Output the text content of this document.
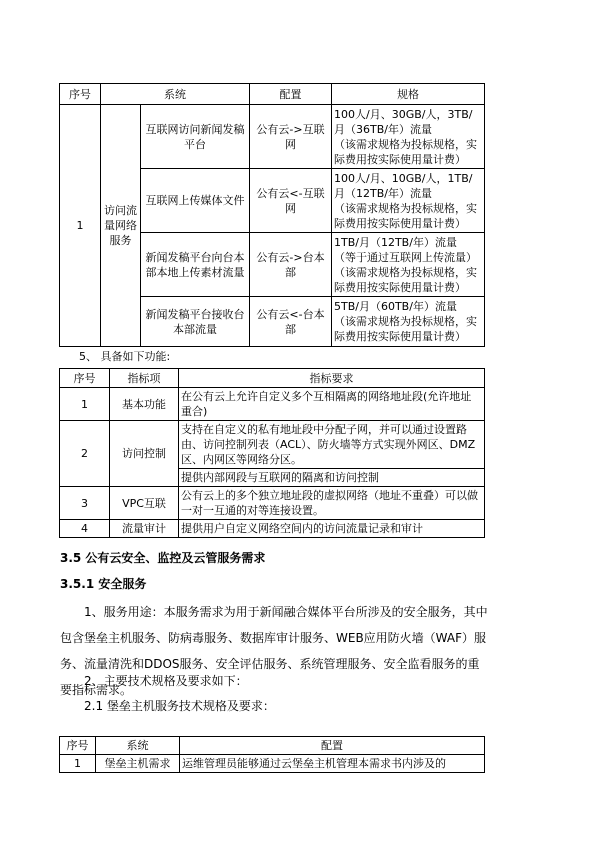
序号	系统		配置	规格
1	访问流量网络服务	互联网访问新闻发稿平台	公有云->互联网	100人/月、30GB/人，3TB/
月（36TB/年）流量
（该需求规格为投标规格，实
际费用按实际使用量计费）

		互联网上传媒体文件	公有云<-互联网	100人/月、10GB/人，1TB/
月（12TB/年）流量
（该需求规格为投标规格，实
际费用按实际使用量计费）

		新闻发稿平台向台本部本地上传素材流量	公有云->台本部	1TB/月（12TB/年）流量
（等于通过互联网上传流量）
（该需求规格为投标规格，实
际费用按实际使用量计费）

		新闻发稿平台接收台本部流量	公有云<-台本部	5TB/月（60TB/年）流量
（该需求规格为投标规格，实
际费用按实际使用量计费）
5、 具备如下功能:
序号	指标项	指标要求
1	基本功能	在公有云上允许自定义多个互相隔离的网络地址段(允许地址重合)
2	访问控制	支持在自定义的私有地址段中分配子网，并可以通过设置路由、访问控制列表（ACL）、防火墙等方式实现外网区、DMZ区、内网区等网络分区。
		提供内部网段与互联网的隔离和访问控制
3	VPC互联	公有云上的多个独立地址段的虚拟网络（地址不重叠）可以做一对一互通的对等连接设置。
4	流量审计	提供用户自定义网络空间内的访问流量记录和审计
3.5 公有云安全、监控及云管服务需求
3.5.1 安全服务
1、服务用途：本服务需求为用于新闻融合媒体平台所涉及的安全服务，其中包含堡垒主机服务、防病毒服务、数据库审计服务、WEB应用防火墙（WAF）服务、流量清洗和DDOS服务、安全评估服务、系统管理服务、安全监看服务的重要指标需求。
2、主要技术规格及要求如下：
2.1 堡垒主机服务技术规格及要求：
序号	系统	配置
1	堡垒主机需求	运维管理员能够通过云堡垒主机管理本需求书内涉及的
